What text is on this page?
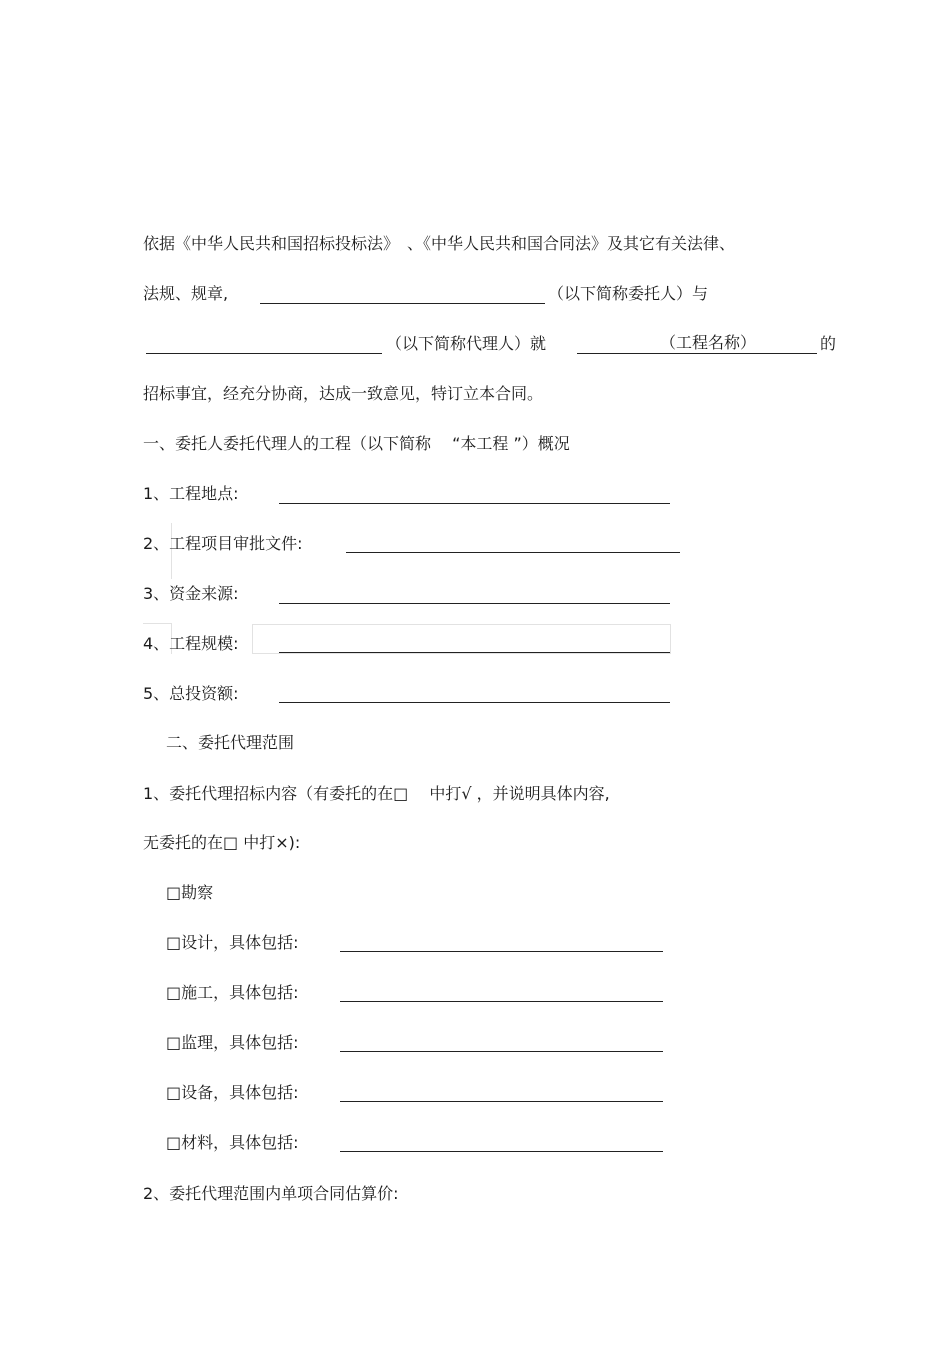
依据《中华人民共和国招标投标法》　、《中华人民共和国合同法》及其它有关法律、
法规、规章,	（以下简称委托人）与
（以下简称代理人）就	（工程名称）	的
招标事宜，经充分协商，达成一致意见，特订立本合同。
一、委托人委托代理人的工程（以下简称　 “本工程 ”）概况
1、工程地点:
2、工程项目审批文件:
3、资金来源:
4、工程规模:
5、总投资额:
二、委托代理范围
1、委托代理招标内容（有委托的在□　 中打√ ，并说明具体内容,
无委托的在□ 中打×):
□勘察
□设计，具体包括:
□施工，具体包括:
□监理，具体包括:
□设备，具体包括:
□材料，具体包括:
2、委托代理范围内单项合同估算价:
